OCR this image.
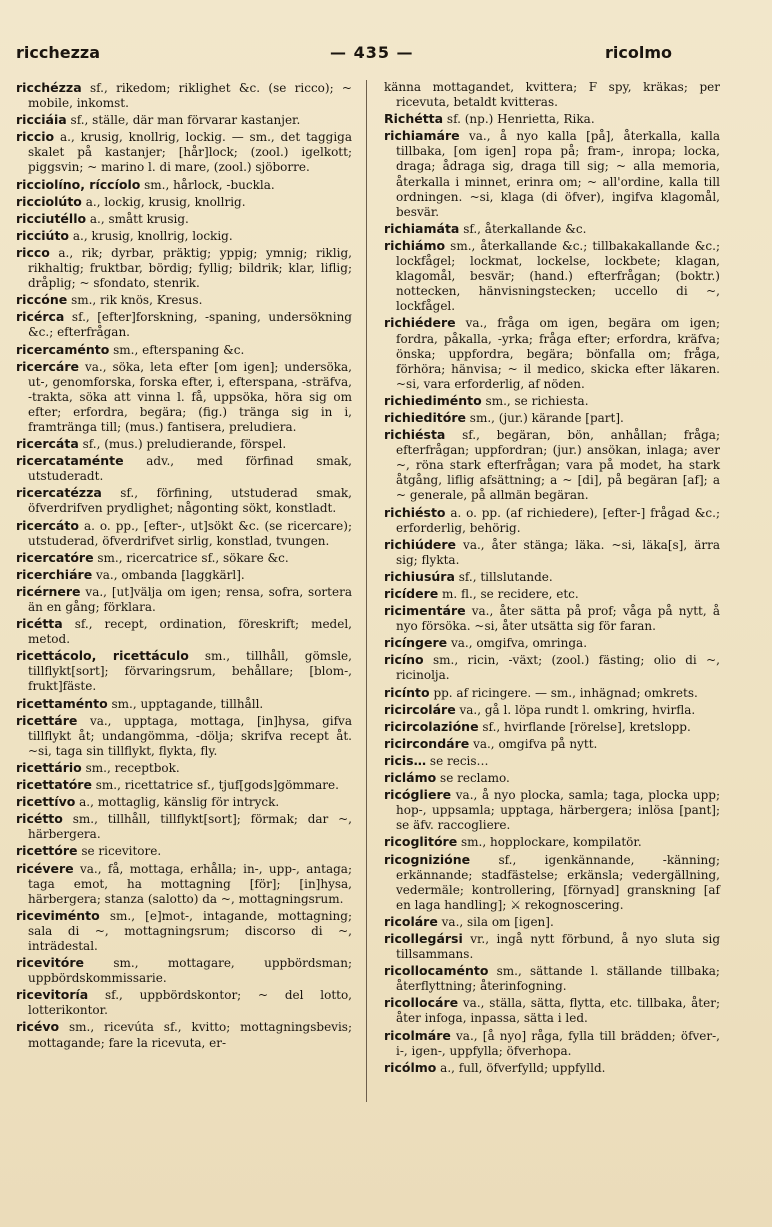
ricchezza	— 435 —	ricolmo

ricchézza sf., rikedom; riklighet &c. (se ricco); ~ mobile, inkomst.

ricciáia sf., ställe, där man förvarar kastanjer.

riccio a., krusig, knollrig, lockig. — sm., det taggiga skalet på kastanjer; [hår]lock; (zool.) igelkott; piggsvin; ~ marino l. di mare, (zool.) sjöborre.

ricciolíno, ríccíolo sm., hårlock, -buckla.

ricciolúto a., lockig, krusig, knollrig.

ricciutéllo a., smått krusig.

ricciúto a., krusig, knollrig, lockig.

ricco a., rik; dyrbar, präktig; yppig; ymnig; riklig, rikhaltig; fruktbar, bördig; fyllig; bildrik; klar, liflig; dråplig; ~ sfondato, stenrik.

riccóne sm., rik knös, Kresus.

ricérca sf., [efter]forskning, -spaning, undersökning &c.; efterfrågan.

ricercaménto sm., efterspaning &c.

ricercáre va., söka, leta efter [om igen]; undersöka, ut-, genomforska, forska efter, i, efterspana, -sträfva, -trakta, söka att vinna l. få, uppsöka, höra sig om efter; erfordra, begära; (fig.) tränga sig in i, framtränga till; (mus.) fantisera, preludiera.

ricercáta sf., (mus.) preludierande, förspel.

ricercataménte adv., med förfinad smak, utstuderadt.

ricercatézza sf., förfining, utstuderad smak, öfverdrifven prydlighet; någonting sökt, konstladt.

ricercáto a. o. pp., [efter-, ut]sökt &c. (se ricercare); utstuderad, öfverdrifvet sirlig, konstlad, tvungen.

ricercatóre sm., ricercatrice sf., sökare &c.

ricerchiáre va., ombanda [laggkärl].

ricérnere va., [ut]välja om igen; rensa, sofra, sortera än en gång; förklara.

ricétta sf., recept, ordination, föreskrift; medel, metod.

ricettácolo, ricettáculo sm., tillhåll, gömsle, tillflykt[sort]; förvaringsrum, behållare; [blom-, frukt]fäste.

ricettaménto sm., upptagande, tillhåll.

ricettáre va., upptaga, mottaga, [in]hysa, gifva tillflykt åt; undangömma, -dölja; skrifva recept åt. ~si, taga sin tillflykt, flykta, fly.

ricettário sm., receptbok.

ricettatóre sm., ricettatrice sf., tjuf[gods]gömmare.

ricettívo a., mottaglig, känslig för intryck.

ricétto sm., tillhåll, tillflykt[sort]; förmak; dar ~, härbergera.

ricettóre se ricevitore.

ricévere va., få, mottaga, erhålla; in-, upp-, antaga; taga emot, ha mottagning [för]; [in]hysa, härbergera; stanza (salotto) da ~, mottagningsrum.

riceviménto sm., [e]mot-, intagande, mottagning; sala di ~, mottagningsrum; discorso di ~, inträdestal.

ricevitóre sm., mottagare, uppbördsman; uppbördskommissarie.

ricevitoría sf., uppbördskontor; ~ del lotto, lotterikontor.

ricévo sm., ricevúta sf., kvitto; mottagningsbevis; mottagande; fare la ricevuta, er-

känna mottagandet, kvittera; F spy, kräkas; per ricevuta, betaldt kvitteras.

Richétta sf. (np.) Henrietta, Rika.

richiamáre va., å nyo kalla [på], återkalla, kalla tillbaka, [om igen] ropa på; fram-, inropa; locka, draga; ådraga sig, draga till sig; ~ alla memoria, återkalla i minnet, erinra om; ~ all'ordine, kalla till ordningen. ~si, klaga (di öfver), ingifva klagomål, besvär.

richiamáta sf., återkallande &c.

richiámo sm., återkallande &c.; tillbakakallande &c.; lockfågel; lockmat, lockelse, lockbete; klagan, klagomål, besvär; (hand.) efterfrågan; (boktr.) nottecken, hänvisningstecken; uccello di ~, lockfågel.

richiédere va., fråga om igen, begära om igen; fordra, påkalla, -yrka; fråga efter; erfordra, kräfva; önska; uppfordra, begära; bönfalla om; fråga, förhöra; hänvisa; ~ il medico, skicka efter läkaren. ~si, vara erforderlig, af nöden.

richiediménto sm., se richiesta.

richieditóre sm., (jur.) kärande [part].

richiésta sf., begäran, bön, anhållan; fråga; efterfrågan; uppfordran; (jur.) ansökan, inlaga; aver ~, röna stark efterfrågan; vara på modet, ha stark åtgång, liflig afsättning; a ~ [di], på begäran [af]; a ~ generale, på allmän begäran.

richiésto a. o. pp. (af richiedere), [efter-] frågad &c.; erforderlig, behörig.

richiúdere va., åter stänga; läka. ~si, läka[s], ärra sig; flykta.

richiusúra sf., tillslutande.

ricídere m. fl., se recidere, etc.

ricimentáre va., åter sätta på prof; våga på nytt, å nyo försöka. ~si, åter utsätta sig för faran.

ricíngere va., omgifva, omringa.

ricíno sm., ricin, -växt; (zool.) fästing; olio di ~, ricinolja.

ricínto pp. af ricingere. — sm., inhägnad; omkrets.

ricircoláre va., gå l. löpa rundt l. omkring, hvirfla.

ricircolazióne sf., hvirflande [rörelse], kretslopp.

ricircondáre va., omgifva på nytt.

ricis… se recis…

riclámo se reclamo.

ricógliere va., å nyo plocka, samla; taga, plocka upp; hop-, uppsamla; upptaga, härbergera; inlösa [pant]; se äfv. raccogliere.

ricoglitóre sm., hopplockare, kompilatör.

ricognizióne sf., igenkännande, -känning; erkännande; stadfästelse; erkänsla; vedergällning, vedermäle; kontrollering, [förnyad] granskning [af en laga handling]; ⚔ rekognoscering.

ricoláre va., sila om [igen].

ricollegársi vr., ingå nytt förbund, å nyo sluta sig tillsammans.

ricollocaménto sm., sättande l. ställande tillbaka; återflyttning; återinfogning.

ricollocáre va., ställa, sätta, flytta, etc. tillbaka, åter; åter infoga, inpassa, sätta i led.

ricolmáre va., [å nyo] rågа, fylla till brädden; öfver-, i-, igen-, uppfylla; öfverhopa.

ricólmo a., full, öfverfylld; uppfylld.
